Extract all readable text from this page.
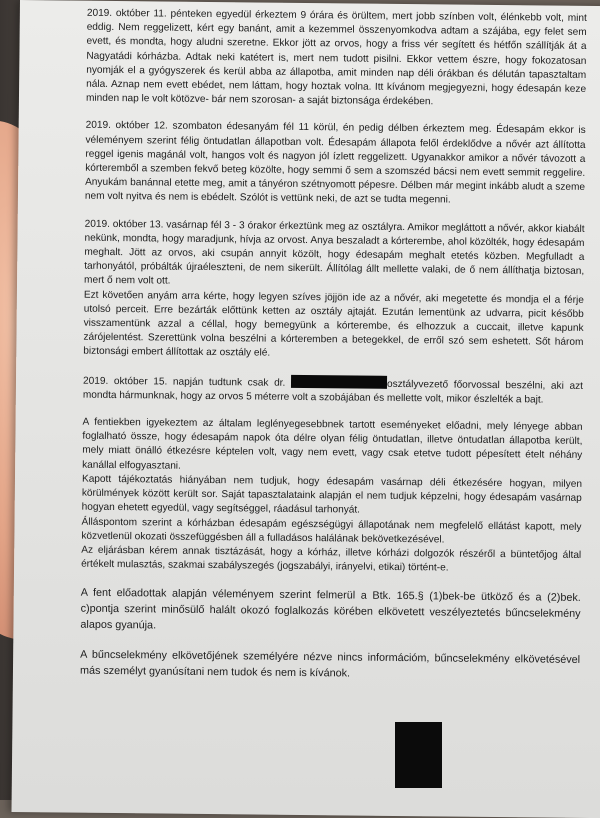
2019. október 11. pénteken egyedül érkeztem 9 órára és örültem, mert jobb színben volt, élénkebb volt, mint eddig. Nem reggelizett, kért egy banánt, amit a kezemmel összenyomkodva adtam a szájába, egy felet sem evett, és mondta, hogy aludni szeretne. Ekkor jött az orvos, hogy a friss vér segített és hétfőn szállítják át a Nagyatádi kórházba. Adtak neki katétert is, mert nem tudott pisilni. Ekkor vettem észre, hogy fokozatosan nyomják el a gyógyszerek és kerül abba az állapotba, amit minden nap déli órákban és délután tapasztaltam nála. Aznap nem evett ebédet, nem láttam, hogy hoztak volna. Itt kívánom megjegyezni, hogy édesapán keze minden nap le volt kötözve- bár nem szorosan- a saját biztonsága érdekében.

2019. október 12. szombaton édesanyám fél 11 körül, én pedig délben érkeztem meg. Édesapám ekkor is véleményem szerint félig öntudatlan állapotban volt. Édesapám állapota felől érdeklődve a nővér azt állította reggel igenis magánál volt, hangos volt és nagyon jól ízlett reggelizett. Ugyanakkor amikor a nővér távozott a kórteremből a szemben fekvő beteg közölte, hogy semmi ő sem a szomszéd bácsi nem evett semmit reggelire. Anyukám banánnal etette meg, amit a tányéron szétnyomott pépesre. Délben már megint inkább aludt a szeme nem volt nyitva és nem is ebédelt. Szólót is vettünk neki, de azt se tudta megenni.

2019. október 13. vasárnap fél 3 - 3 órakor érkeztünk meg az osztályra. Amikor megláttott a nővér, akkor kiabált nekünk, mondta, hogy maradjunk, hívja az orvost. Anya beszaladt a kórterembe, ahol közölték, hogy édesapám meghalt. Jött az orvos, aki csupán annyit közölt, hogy édesapám meghalt etetés közben. Megfulladt a tarhonyától, próbálták újraéleszteni, de nem sikerült. Állítólag állt mellette valaki, de ő nem állíthatja biztosan, mert ő nem volt ott.

Ezt követően anyám arra kérte, hogy legyen szíves jöjjön ide az a nővér, aki megetette és mondja el a férje utolsó perceit. Erre bezárták előttünk ketten az osztály ajtaját. Ezután lementünk az udvarra, picit később visszamentünk azzal a céllal, hogy bemegyünk a kórterembe, és elhozzuk a cuccait, illetve kapunk zárójelentést. Szerettünk volna beszélni a kórteremben a betegekkel, de erről szó sem eshetett. Sőt három biztonsági embert állítottak az osztály elé.

2019. október 15. napján tudtunk csak dr.	osztályvezető főorvossal beszélni, aki azt mondta hármunknak, hogy az orvos 5 méterre volt a szobájában és mellette volt, mikor észlelték a bajt.

A fentiekben igyekeztem az általam leglényegesebbnek tartott eseményeket előadni, mely lényege abban foglalható össze, hogy édesapám napok óta délre olyan félig öntudatlan, illetve öntudatlan állapotba került, mely miatt önálló étkezésre képtelen volt, vagy nem evett, vagy csak etetve tudott pépesített ételt néhány kanállal elfogyasztani.

Kapott tájékoztatás hiányában nem tudjuk, hogy édesapám vasárnap déli étkezésére hogyan, milyen körülmények között került sor. Saját tapasztalataink alapján el nem tudjuk képzelni, hogy édesapám vasárnap hogyan ehetett egyedül, vagy segítséggel, ráadásul tarhonyát.

Álláspontom szerint a kórházban édesapám egészségügyi állapotának nem megfelelő ellátást kapott, mely közvetlenül okozati összefüggésben áll a fulladásos halálának bekövetkezésével.

Az eljárásban kérem annak tisztázását, hogy a kórház, illetve kórházi dolgozók részéről a büntetőjog által értékelt mulasztás, szakmai szabályszegés (jogszabályi, irányelvi, etikai) történt-e.

A fent előadottak alapján véleményem szerint felmerül a Btk. 165.§ (1)bek-be ütköző és a (2)bek. c)pontja szerint minősülő halált okozó foglalkozás körében elkövetett veszélyeztetés bűncselekmény alapos gyanúja.

A bűncselekmény elkövetőjének személyére nézve nincs információm, bűncselekmény elkövetésével más személyt gyanúsítani nem tudok és nem is kívánok.
